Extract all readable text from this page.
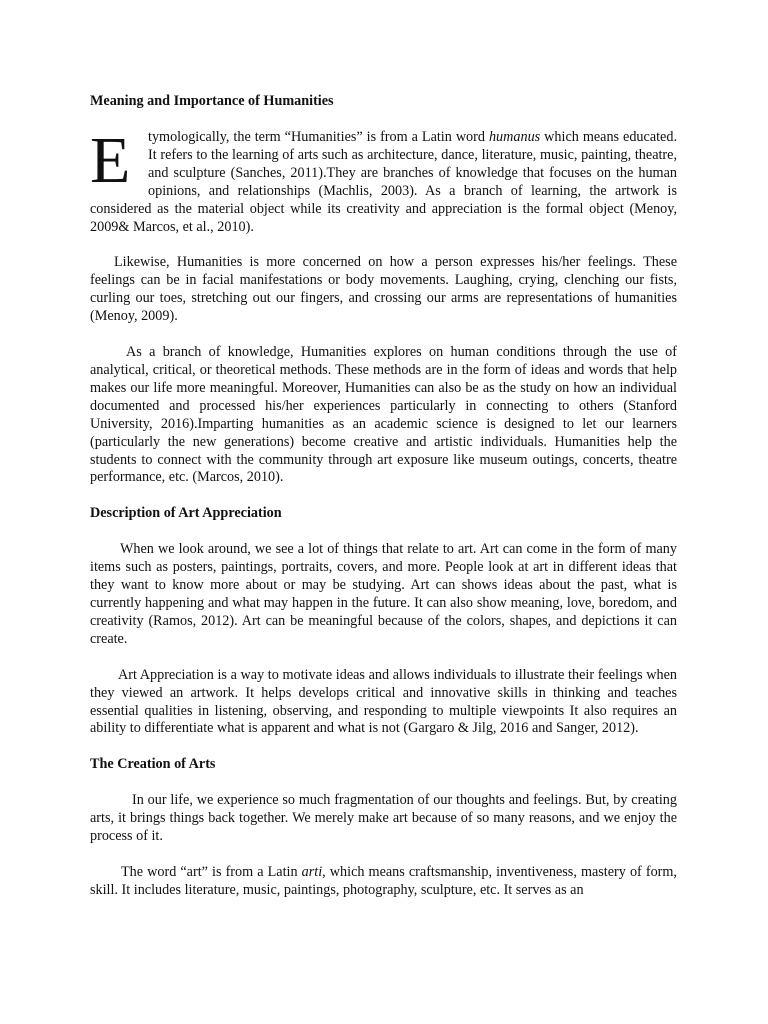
Meaning and Importance of Humanities

E	tymologically, the term “Humanities” is from a Latin word humanus which means educated. It refers to the learning of arts such as architecture, dance, literature, music, painting, theatre, and sculpture (Sanches, 2011).They are branches of knowledge that focuses on the human opinions, and relationships (Machlis, 2003). As a branch of learning, the artwork is considered as the material object while its creativity and appreciation is the formal object (Menoy, 2009& Marcos, et al., 2010).

Likewise, Humanities is more concerned on how a person expresses his/her feelings. These feelings can be in facial manifestations or body movements. Laughing, crying, clenching our fists, curling our toes, stretching out our fingers, and crossing our arms are representations of humanities (Menoy, 2009).

As a branch of knowledge, Humanities explores on human conditions through the use of analytical, critical, or theoretical methods. These methods are in the form of ideas and words that help makes our life more meaningful. Moreover, Humanities can also be as the study on how an individual documented and processed his/her experiences particularly in connecting to others (Stanford University, 2016).Imparting humanities as an academic science is designed to let our learners (particularly the new generations) become creative and artistic individuals. Humanities help the students to connect with the community through art exposure like museum outings, concerts, theatre performance, etc. (Marcos, 2010).

Description of Art Appreciation

When we look around, we see a lot of things that relate to art. Art can come in the form of many items such as posters, paintings, portraits, covers, and more. People look at art in different ideas that they want to know more about or may be studying. Art can shows ideas about the past, what is currently happening and what may happen in the future. It can also show meaning, love, boredom, and creativity (Ramos, 2012). Art can be meaningful because of the colors, shapes, and depictions it can create.

Art Appreciation is a way to motivate ideas and allows individuals to illustrate their feelings when they viewed an artwork. It helps develops critical and innovative skills in thinking and teaches essential qualities in listening, observing, and responding to multiple viewpoints It also requires an ability to differentiate what is apparent and what is not (Gargaro & Jilg, 2016 and Sanger, 2012).

The Creation of Arts

In our life, we experience so much fragmentation of our thoughts and feelings. But, by creating arts, it brings things back together. We merely make art because of so many reasons, and we enjoy the process of it.

The word “art” is from a Latin arti, which means craftsmanship, inventiveness, mastery of form, skill. It includes literature, music, paintings, photography, sculpture, etc. It serves as an
